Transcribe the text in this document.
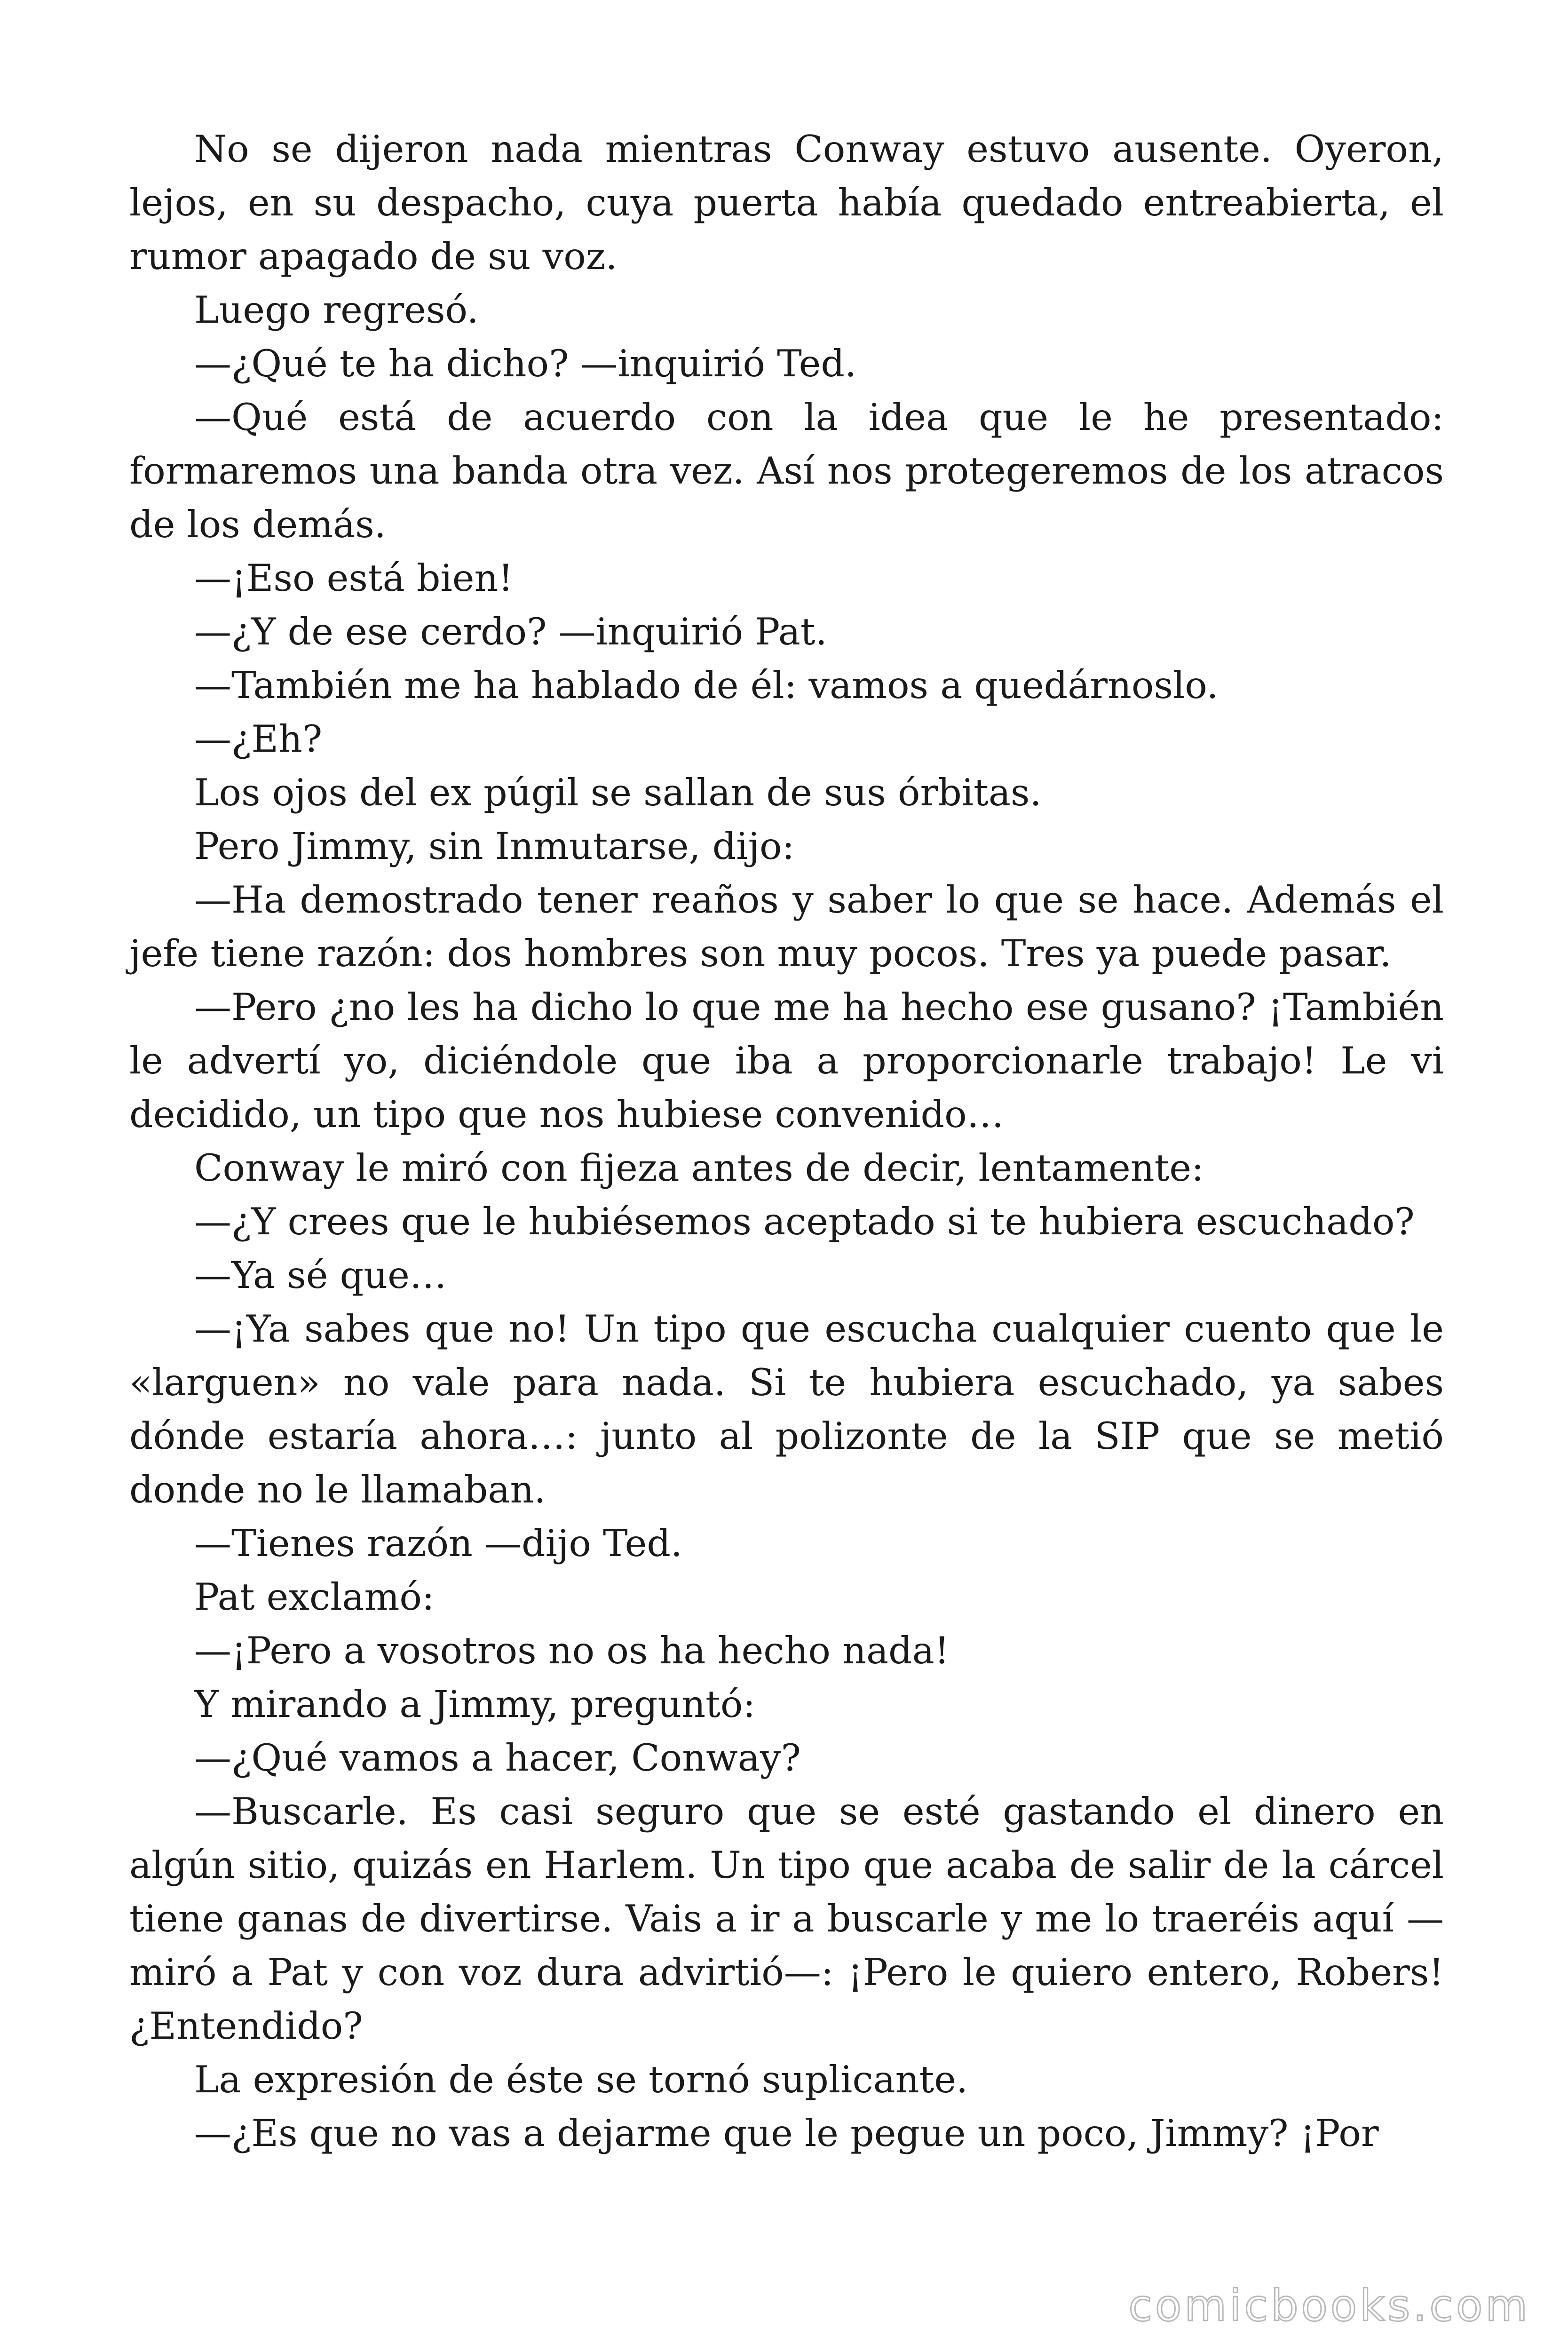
No se dijeron nada mientras Conway estuvo ausente. Oyeron, lejos, en su despacho, cuya puerta había quedado entreabierta, el rumor apagado de su voz.

Luego regresó.

—¿Qué te ha dicho? —inquirió Ted.

—Qué está de acuerdo con la idea que le he presentado: formaremos una banda otra vez. Así nos protegeremos de los atracos de los demás.

—¡Eso está bien!

—¿Y de ese cerdo? —inquirió Pat.

—También me ha hablado de él: vamos a quedárnoslo.

—¿Eh?

Los ojos del ex púgil se sallan de sus órbitas.

Pero Jimmy, sin Inmutarse, dijo:

—Ha demostrado tener reaños y saber lo que se hace. Además el jefe tiene razón: dos hombres son muy pocos. Tres ya puede pasar.

—Pero ¿no les ha dicho lo que me ha hecho ese gusano? ¡También le advertí yo, diciéndole que iba a proporcionarle trabajo! Le vi decidido, un tipo que nos hubiese convenido…

Conway le miró con fijeza antes de decir, lentamente:

—¿Y crees que le hubiésemos aceptado si te hubiera escuchado?

—Ya sé que…

—¡Ya sabes que no! Un tipo que escucha cualquier cuento que le «larguen» no vale para nada. Si te hubiera escuchado, ya sabes dónde estaría ahora…: junto al polizonte de la SIP que se metió donde no le llamaban.

—Tienes razón —dijo Ted.

Pat exclamó:

—¡Pero a vosotros no os ha hecho nada!

Y mirando a Jimmy, preguntó:

—¿Qué vamos a hacer, Conway?

—Buscarle. Es casi seguro que se esté gastando el dinero en algún sitio, quizás en Harlem. Un tipo que acaba de salir de la cárcel tiene ganas de divertirse. Vais a ir a buscarle y me lo traeréis aquí —miró a Pat y con voz dura advirtió—: ¡Pero le quiero entero, Robers! ¿Entendido?

La expresión de éste se tornó suplicante.

—¿Es que no vas a dejarme que le pegue un poco, Jimmy? ¡Por

comicbooks.com
